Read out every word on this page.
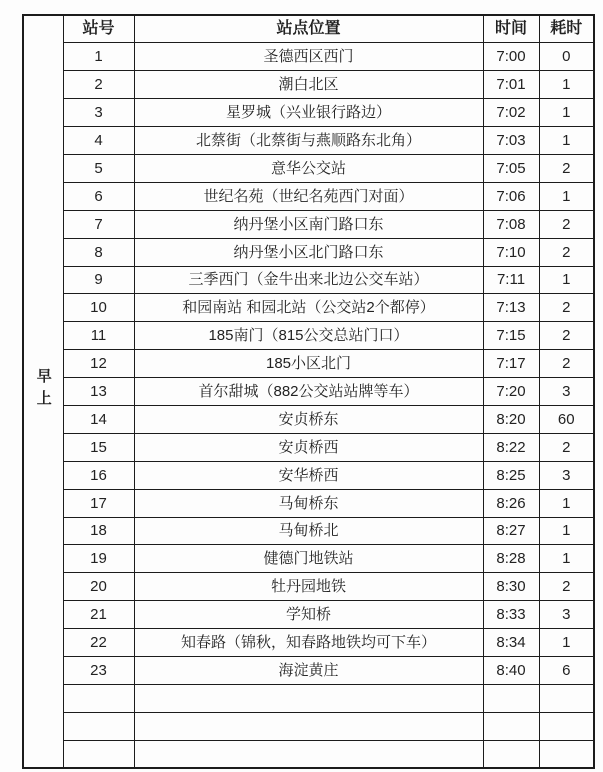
早上	站号	站点位置	时间	耗时
	1	圣德西区西门	7:00	0
	2	潮白北区	7:01	1
	3	星罗城（兴业银行路边）	7:02	1
	4	北蔡街（北蔡街与燕顺路东北角）	7:03	1
	5	意华公交站	7:05	2
	6	世纪名苑（世纪名苑西门对面）	7:06	1
	7	纳丹堡小区南门路口东	7:08	2
	8	纳丹堡小区北门路口东	7:10	2
	9	三季西门（金牛出来北边公交车站）	7:11	1
	10	和园南站 和园北站（公交站2个都停）	7:13	2
	11	185南门（815公交总站门口）	7:15	2
	12	185小区北门	7:17	2
	13	首尔甜城（882公交站站牌等车）	7:20	3
	14	安贞桥东	8:20	60
	15	安贞桥西	8:22	2
	16	安华桥西	8:25	3
	17	马甸桥东	8:26	1
	18	马甸桥北	8:27	1
	19	健德门地铁站	8:28	1
	20	牡丹园地铁	8:30	2
	21	学知桥	8:33	3
	22	知春路（锦秋，知春路地铁均可下车）	8:34	1
	23	海淀黄庄	8:40	6
